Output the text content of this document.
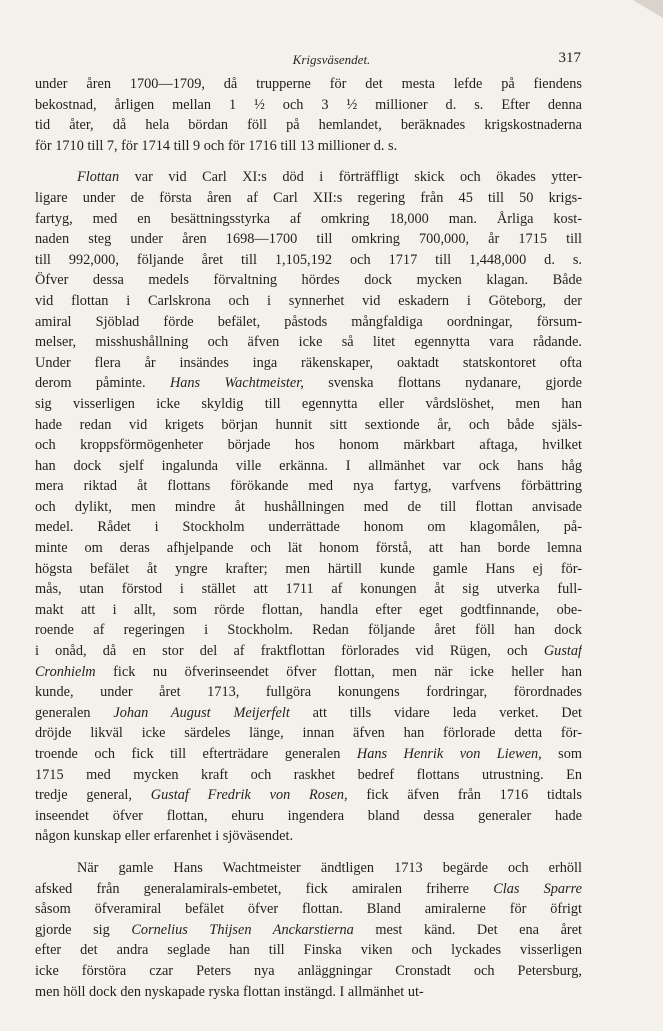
Krigsväsendet.	317
under åren 1700—1709, då trupperne för det mesta lefde på fiendens
bekostnad, årligen mellan 1 ½ och 3 ½ millioner d. s. Efter denna
tid åter, då hela bördan föll på hemlandet, beräknades krigskostnaderna
för 1710 till 7, för 1714 till 9 och för 1716 till 13 millioner d. s.
Flottan var vid Carl XI:s död i förträffligt skick och ökades ytter-
ligare under de första åren af Carl XII:s regering från 45 till 50 krigs-
fartyg, med en besättningsstyrka af omkring 18,000 man. Årliga kost-
naden steg under åren 1698—1700 till omkring 700,000, år 1715 till
till 992,000, följande året till 1,105,192 och 1717 till 1,448,000 d. s.
Öfver dessa medels förvaltning hördes dock mycken klagan. Både
vid flottan i Carlskrona och i synnerhet vid eskadern i Göteborg, der
amiral Sjöblad förde befälet, påstods mångfaldiga oordningar, försum-
melser, misshushållning och äfven icke så litet egennytta vara rådande.
Under flera år insändes inga räkenskaper, oaktadt statskontoret ofta
derom påminte. Hans Wachtmeister, svenska flottans nydanare, gjorde
sig visserligen icke skyldig till egennytta eller vårdslöshet, men han
hade redan vid krigets början hunnit sitt sextionde år, och både själs-
och kroppsförmögenheter började hos honom märkbart aftaga, hvilket
han dock sjelf ingalunda ville erkänna. I allmänhet var ock hans håg
mera riktad åt flottans förökande med nya fartyg, varfvens förbättring
och dylikt, men mindre åt hushållningen med de till flottan anvisade
medel. Rådet i Stockholm underrättade honom om klagomålen, på-
minte om deras afhjelpande och lät honom förstå, att han borde lemna
högsta befälet åt yngre krafter; men härtill kunde gamle Hans ej för-
mås, utan förstod i stället att 1711 af konungen åt sig utverka full-
makt att i allt, som rörde flottan, handla efter eget godtfinnande, obe-
roende af regeringen i Stockholm. Redan följande året föll han dock
i onåd, då en stor del af fraktflottan förlorades vid Rügen, och Gustaf
Cronhielm fick nu öfverinseendet öfver flottan, men när icke heller han
kunde, under året 1713, fullgöra konungens fordringar, förordnades
generalen Johan August Meijerfelt att tills vidare leda verket. Det
dröjde likväl icke särdeles länge, innan äfven han förlorade detta för-
troende och fick till efterträdare generalen Hans Henrik von Liewen, som
1715 med mycken kraft och raskhet bedref flottans utrustning. En
tredje general, Gustaf Fredrik von Rosen, fick äfven från 1716 tidtals
inseendet öfver flottan, ehuru ingendera bland dessa generaler hade
någon kunskap eller erfarenhet i sjöväsendet.
När gamle Hans Wachtmeister ändtligen 1713 begärde och erhöll
afsked från generalamirals-embetet, fick amiralen friherre Clas Sparre
såsom öfveramiral befälet öfver flottan. Bland amiralerne för öfrigt
gjorde sig Cornelius Thijsen Anckarstierna mest känd. Det ena året
efter det andra seglade han till Finska viken och lyckades visserligen
icke förstöra czar Peters nya anläggningar Cronstadt och Petersburg,
men höll dock den nyskapade ryska flottan instängd. I allmänhet ut-
